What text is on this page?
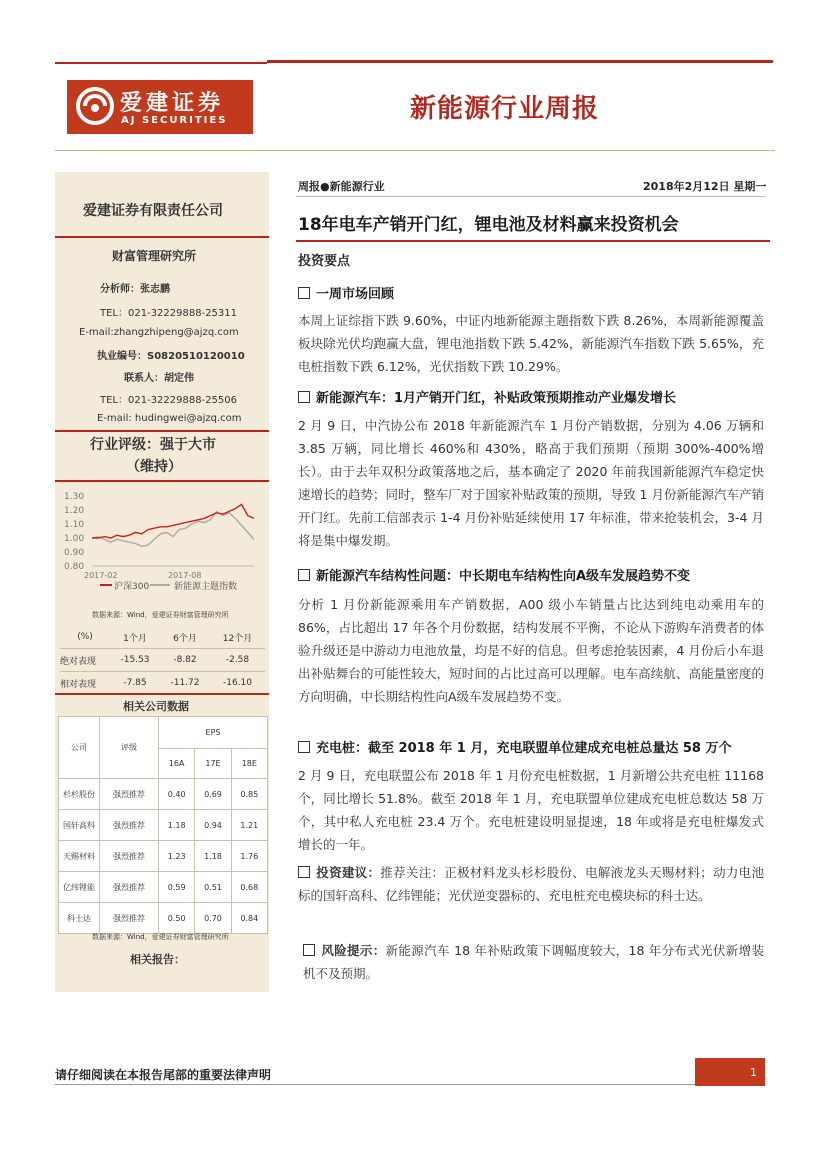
爱建证券
AJ SECURITIES	新能源行业周报
爱建证券有限责任公司
财富管理研究所
分析师：张志鹏
TEL：021-32229888-25311
E-mail:zhangzhipeng@ajzq.com
执业编号：S0820510120010
联系人：胡定伟
TEL：021-32229888-25506
E-mail: hudingwei@ajzq.com
行业评级：强于大市
（维持）
1.30
1.20
1.10
1.00
0.90
0.80
2017-02	2017-08
沪深300	新能源主题指数
数据来源：Wind，爱建证券财富管理研究所
(%)	1个月	6个月	12个月
绝对表现	-15.53	-8.82	-2.58
相对表现	-7.85	-11.72	-16.10
相关公司数据
公司	评级	EPS		
		16A	17E	18E
杉杉股份	强烈推荐	0.40	0.69	0.85
国轩高科	强烈推荐	1.18	0.94	1.21
天赐材料	强烈推荐	1.23	1.18	1.76
亿纬锂能	强烈推荐	0.59	0.51	0.68
科士达	强烈推荐	0.50	0.70	0.84
数据来源：Wind，爱建证券财富管理研究所
相关报告：
周报●新能源行业	2018年2月12日 星期一
18年电车产销开门红，锂电池及材料赢来投资机会
投资要点
一周市场回顾
本周上证综指下跌 9.60%，中证内地新能源主题指数下跌 8.26%，本周新能源覆盖板块除光伏均跑赢大盘，锂电池指数下跌 5.42%，新能源汽车指数下跌 5.65%，充电桩指数下跌 6.12%，光伏指数下跌 10.29%。
新能源汽车：1月产销开门红，补贴政策预期推动产业爆发增长
2 月 9 日，中汽协公布 2018 年新能源汽车 1 月份产销数据，分别为 4.06 万辆和 3.85 万辆，同比增长 460%和 430%，略高于我们预期（预期 300%-400%增长）。由于去年双积分政策落地之后，基本确定了 2020 年前我国新能源汽车稳定快速增长的趋势；同时，整车厂对于国家补贴政策的预期，导致 1 月份新能源汽车产销开门红。先前工信部表示 1-4 月份补贴延续使用 17 年标准，带来抢装机会，3-4 月将是集中爆发期。
新能源汽车结构性问题：中长期电车结构性向A级车发展趋势不变
分析 1 月份新能源乘用车产销数据，A00 级小车销量占比达到纯电动乘用车的 86%，占比超出 17 年各个月份数据，结构发展不平衡，不论从下游购车消费者的体验升级还是中游动力电池放量，均是不好的信息。但考虑抢装因素，4 月份后小车退出补贴舞台的可能性较大，短时间的占比过高可以理解。电车高续航、高能量密度的方向明确，中长期结构性向A级车发展趋势不变。
充电桩：截至 2018 年 1 月，充电联盟单位建成充电桩总量达 58 万个
2 月 9 日，充电联盟公布 2018 年 1 月份充电桩数据，1 月新增公共充电桩 11168 个，同比增长 51.8%。截至 2018 年 1 月，充电联盟单位建成充电桩总数达 58 万个，其中私人充电桩 23.4 万个。充电桩建设明显提速，18 年或将是充电桩爆发式增长的一年。
投资建议：推荐关注：正极材料龙头杉杉股份、电解液龙头天赐材料；动力电池标的国轩高科、亿纬锂能；光伏逆变器标的、充电桩充电模块标的科士达。
风险提示：新能源汽车 18 年补贴政策下调幅度较大，18 年分布式光伏新增装机不及预期。
请仔细阅读在本报告尾部的重要法律声明	1
